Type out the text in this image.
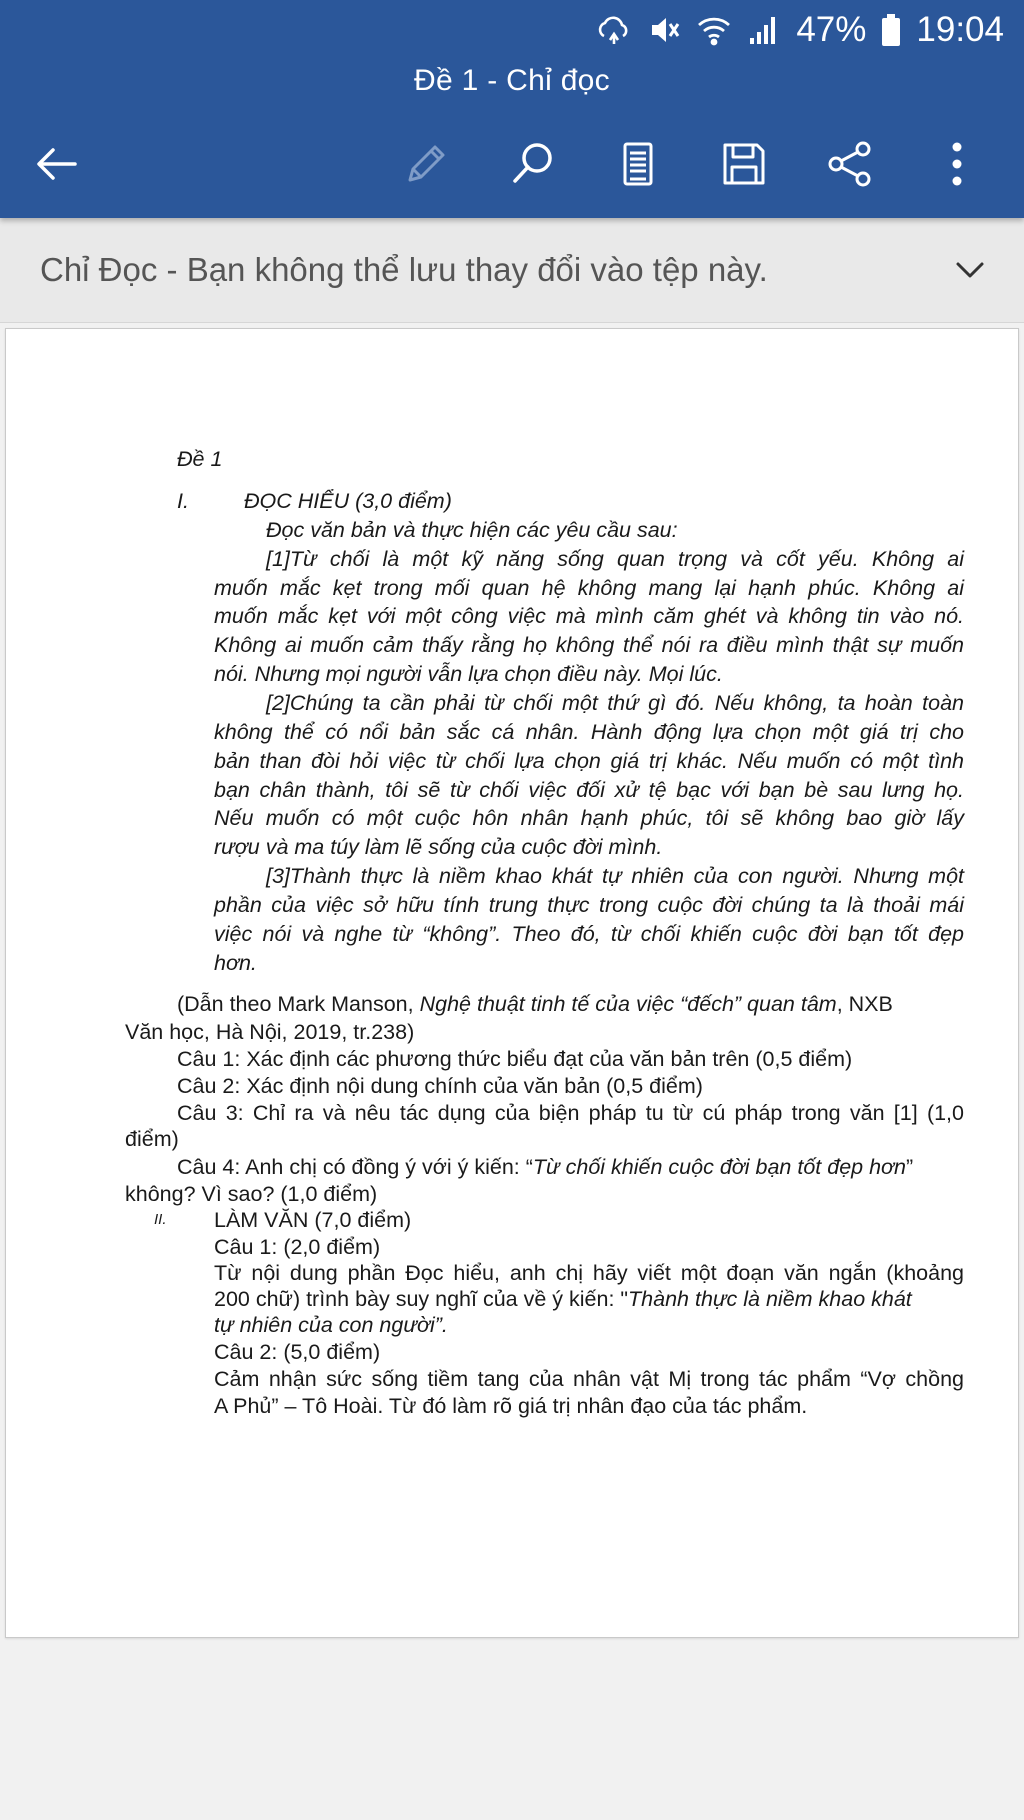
47% 19:04
Đề 1 - Chỉ đọc
Chỉ Đọc - Bạn không thể lưu thay đổi vào tệp này.
Đề 1
I.	ĐỌC HIỂU (3,0 điểm)
Đọc văn bản và thực hiện các yêu cầu sau:
[1]Từ chối là một kỹ năng sống quan trọng và cốt yếu. Không ai
muốn mắc kẹt trong mối quan hệ không mang lại hạnh phúc. Không ai
muốn mắc kẹt với một công việc mà mình căm ghét và không tin vào nó.
Không ai muốn cảm thấy rằng họ không thể nói ra điều mình thật sự muốn
nói. Nhưng mọi người vẫn lựa chọn điều này. Mọi lúc.
[2]Chúng ta cần phải từ chối một thứ gì đó. Nếu không, ta hoàn toàn
không thể có nổi bản sắc cá nhân. Hành động lựa chọn một giá trị cho
bản than đòi hỏi việc từ chối lựa chọn giá trị khác. Nếu muốn có một tình
bạn chân thành, tôi sẽ từ chối việc đối xử tệ bạc với bạn bè sau lưng họ.
Nếu muốn có một cuộc hôn nhân hạnh phúc, tôi sẽ không bao giờ lấy
rượu và ma túy làm lẽ sống của cuộc đời mình.
[3]Thành thực là niềm khao khát tự nhiên của con người. Nhưng một
phần của việc sở hữu tính trung thực trong cuộc đời chúng ta là thoải mái
việc nói và nghe từ “không”. Theo đó, từ chối khiến cuộc đời bạn tốt đẹp
hơn.
(Dẫn theo Mark Manson, Nghệ thuật tinh tế của việc “đếch” quan tâm, NXB
Văn học, Hà Nội, 2019, tr.238)
Câu 1: Xác định các phương thức biểu đạt của văn bản trên (0,5 điểm)
Câu 2: Xác định nội dung chính của văn bản (0,5 điểm)
Câu 3: Chỉ ra và nêu tác dụng của biện pháp tu từ cú pháp trong văn [1] (1,0
điểm)
Câu 4: Anh chị có đồng ý với ý kiến: “Từ chối khiến cuộc đời bạn tốt đẹp hơn”
không? Vì sao? (1,0 điểm)
II. LÀM VĂN (7,0 điểm)
Câu 1: (2,0 điểm)
Từ nội dung phần Đọc hiểu, anh chị hãy viết một đoạn văn ngắn (khoảng
200 chữ) trình bày suy nghĩ của về ý kiến: "Thành thực là niềm khao khát
tự nhiên của con người”.
Câu 2: (5,0 điểm)
Cảm nhận sức sống tiềm tang của nhân vật Mị trong tác phẩm “Vợ chồng
A Phủ” – Tô Hoài. Từ đó làm rõ giá trị nhân đạo của tác phẩm.
